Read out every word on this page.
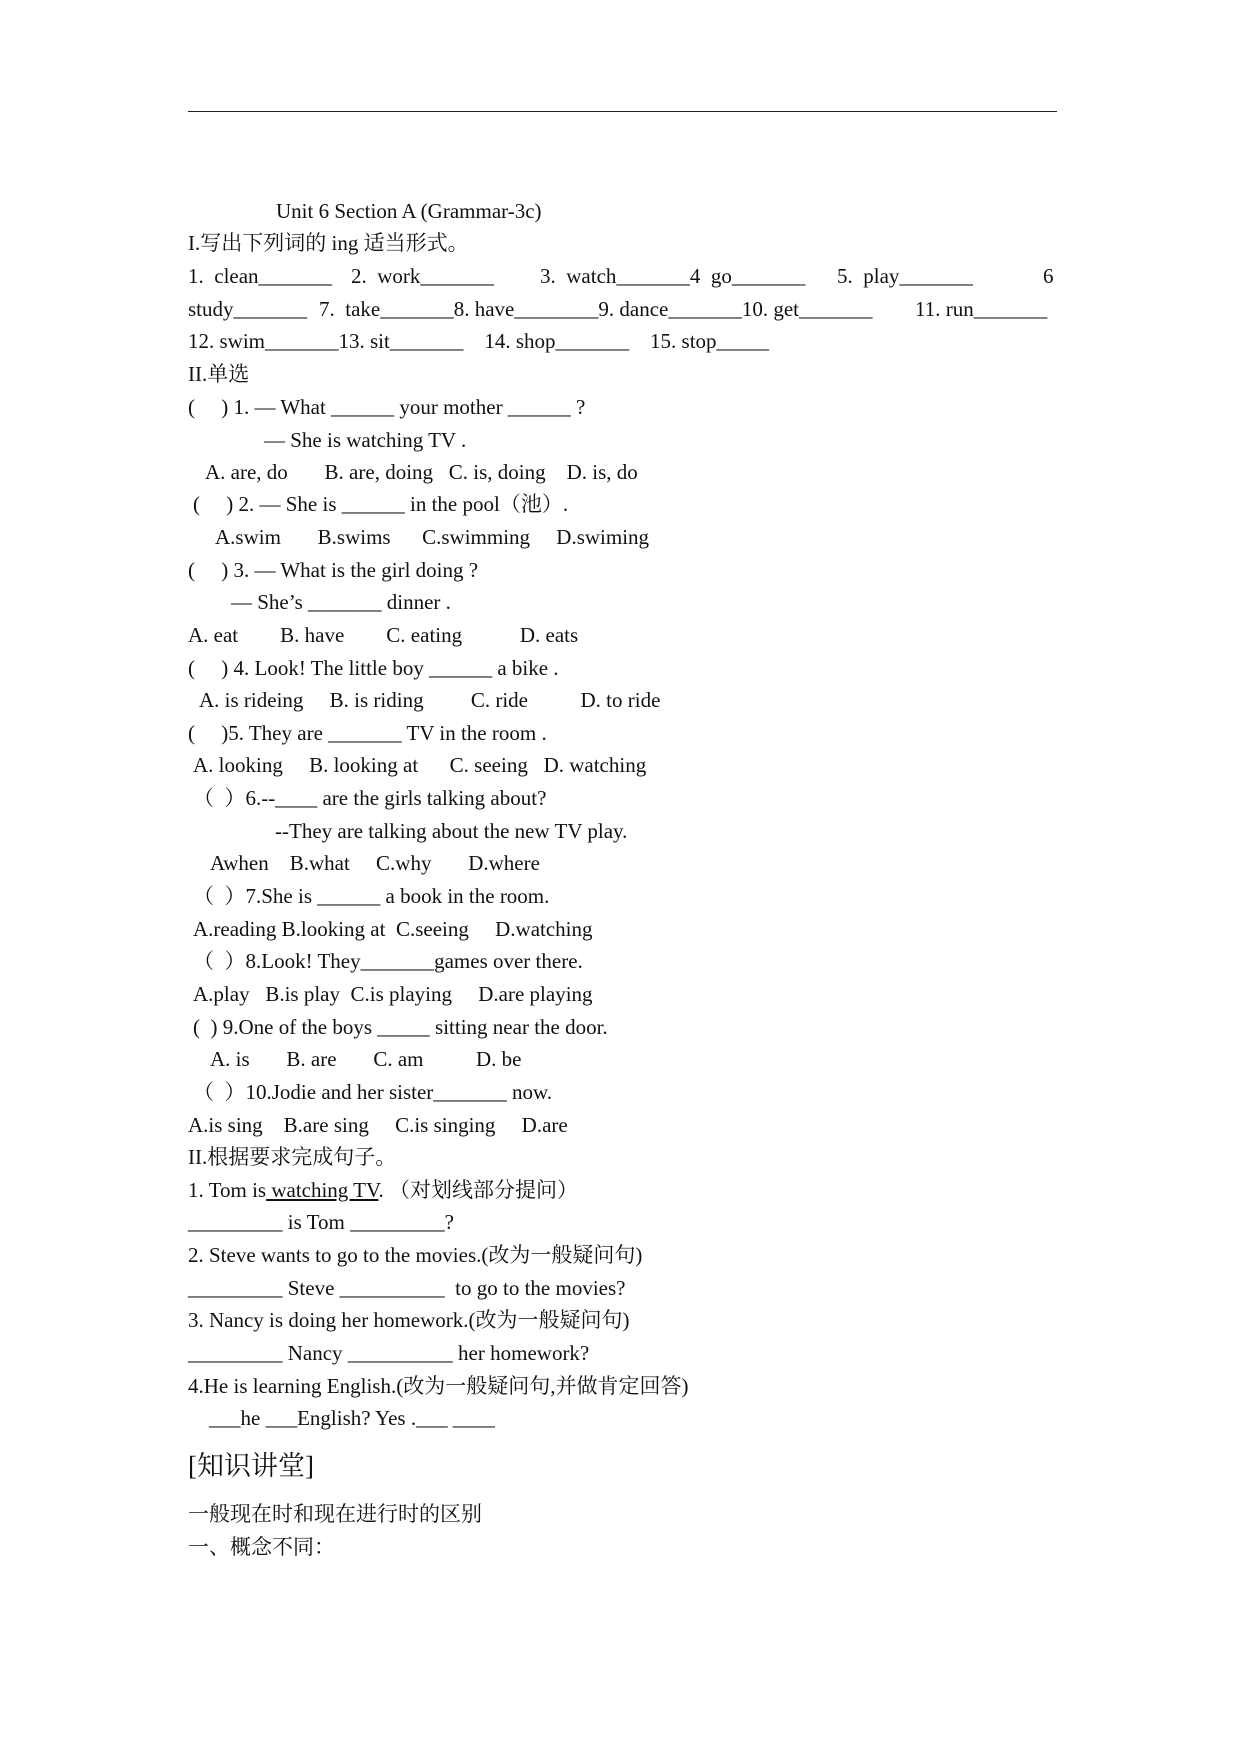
Unit 6 Section A (Grammar-3c)
I.写出下列词的 ing 适当形式。

1.  clean_______

2.  work_______

3.  watch_______4  go_______

5.  play_______

	6

study_______

7.  take_______8. have________9. dance_______10. get_______

11. run_______

12. swim_______13. sit_______    14. shop_______    15. stop_____
II.单选
(     ) 1. — What ______ your mother ______ ?
— She is watching TV .
A. are, do       B. are, doing   C. is, doing    D. is, do
(     ) 2. — She is ______ in the pool（池）.
A.swim       B.swims      C.swimming     D.swiming
(     ) 3. — What is the girl doing ?
— She’s _______ dinner .
A. eat        B. have        C. eating           D. eats
(     ) 4. Look! The little boy ______ a bike .
A. is rideing     B. is riding         C. ride          D. to ride
(     )5. They are _______ TV in the room .
A. looking     B. looking at      C. seeing   D. watching
（  ）6.--____ are the girls talking about?
--They are talking about the new TV play.
Awhen    B.what     C.why       D.where
（  ）7.She is ______ a book in the room.
A.reading B.looking at  C.seeing     D.watching
（  ）8.Look! They_______games over there.
A.play   B.is play  C.is playing     D.are playing
(  ) 9.One of the boys _____ sitting near the door.
A. is       B. are       C. am          D. be
（  ）10.Jodie and her sister_______ now.
A.is sing    B.are sing     C.is singing     D.are
II.根据要求完成句子。
1. Tom is watching TV. （对划线部分提问）
_________ is Tom _________?
2. Steve wants to go to the movies.(改为一般疑问句)
_________ Steve __________  to go to the movies?
3. Nancy is doing her homework.(改为一般疑问句)
_________ Nancy __________ her homework?
4.He is learning English.(改为一般疑问句,并做肯定回答)
___he ___English? Yes .___ ____
[知识讲堂]
一般现在时和现在进行时的区别
一、概念不同：
